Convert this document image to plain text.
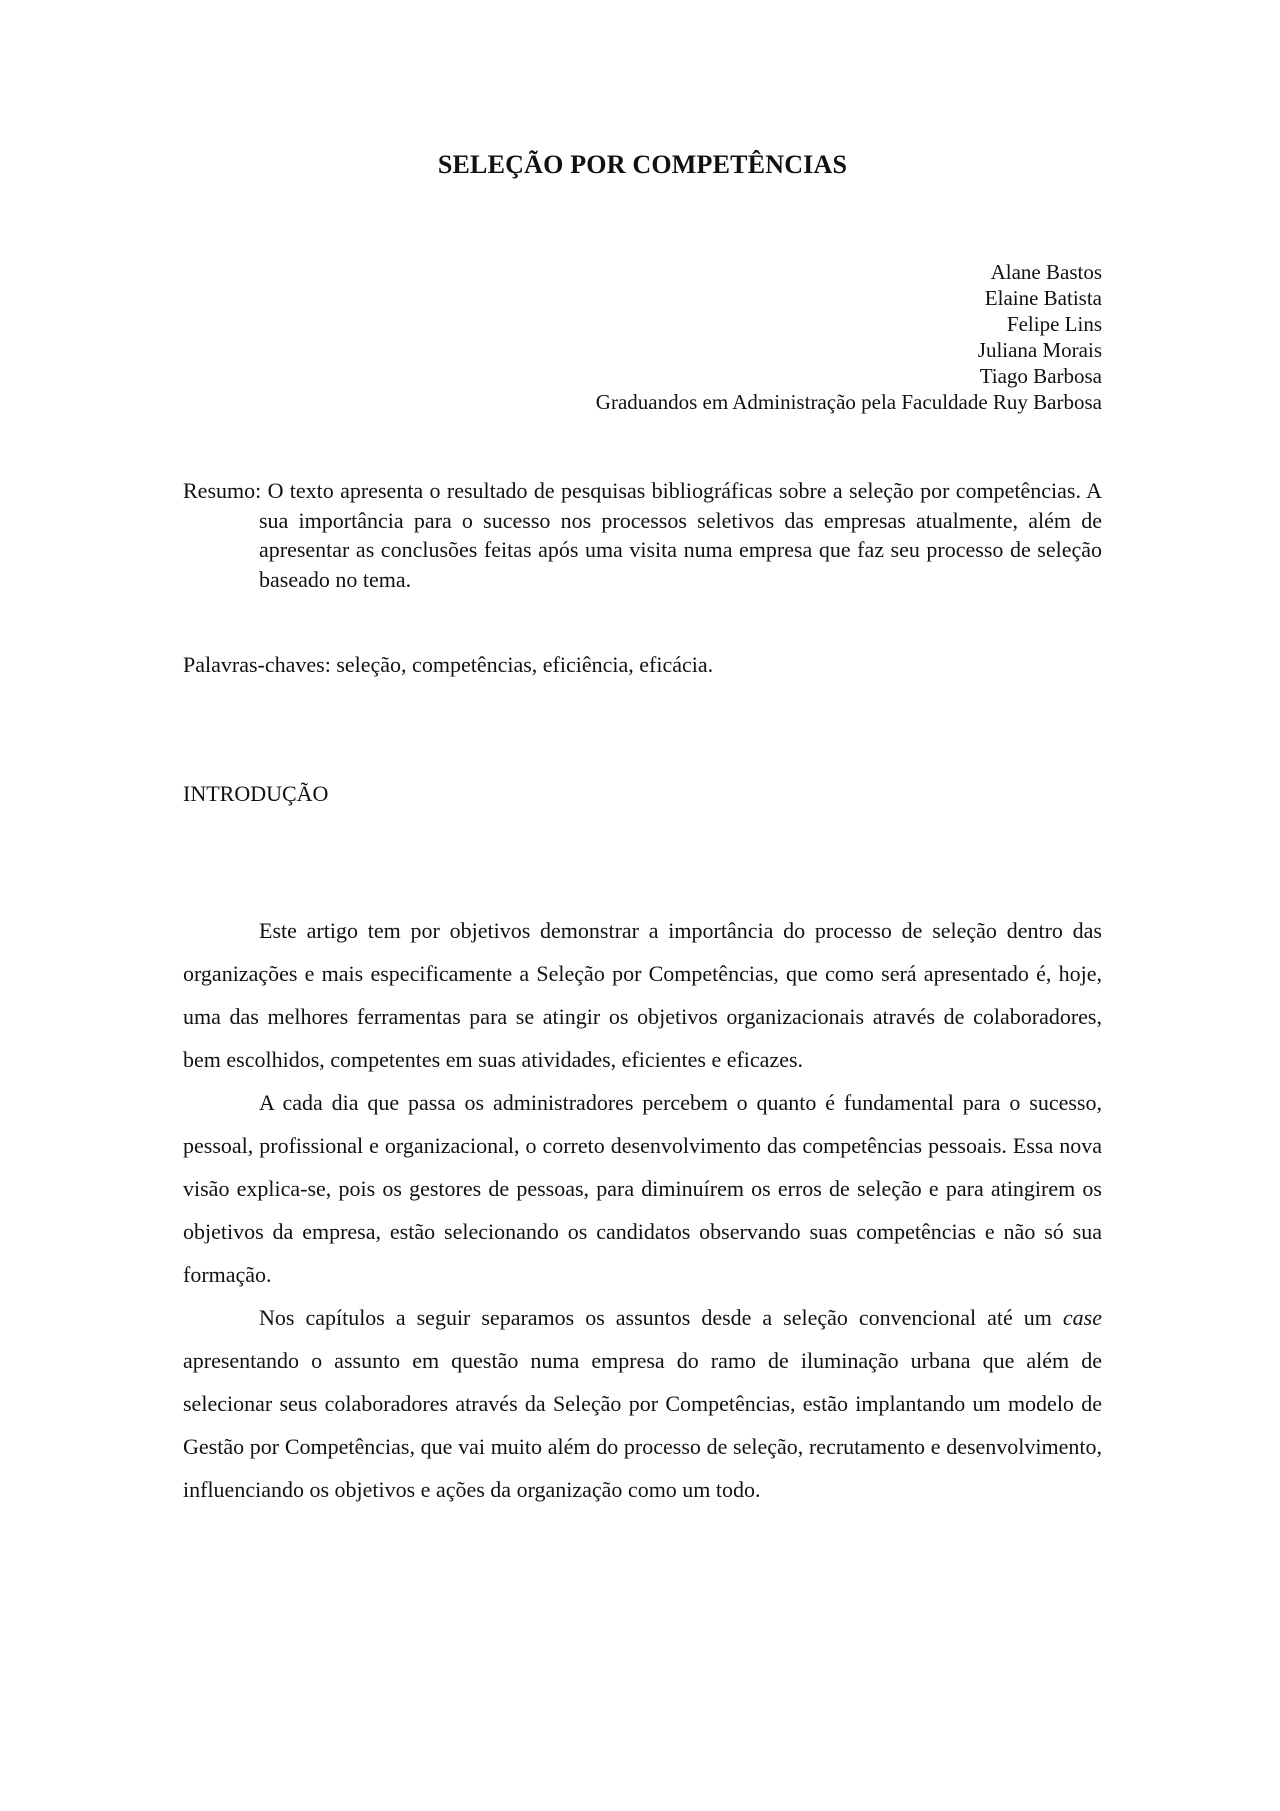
SELEÇÃO POR COMPETÊNCIAS
Alane Bastos
Elaine Batista
Felipe Lins
Juliana Morais
Tiago Barbosa
Graduandos em Administração pela Faculdade Ruy Barbosa
Resumo: O texto apresenta o resultado de pesquisas bibliográficas sobre a seleção por competências. A sua importância para o sucesso nos processos seletivos das empresas atualmente, além de apresentar as conclusões feitas após uma visita numa empresa que faz seu processo de seleção baseado no tema.
Palavras-chaves: seleção, competências, eficiência, eficácia.
INTRODUÇÃO

Este artigo tem por objetivos demonstrar a importância do processo de seleção dentro das organizações e mais especificamente a Seleção por Competências, que como será apresentado é, hoje, uma das melhores ferramentas para se atingir os objetivos organizacionais através de colaboradores, bem escolhidos, competentes em suas atividades, eficientes e eficazes.

A cada dia que passa os administradores percebem o quanto é fundamental para o sucesso, pessoal, profissional e organizacional, o correto desenvolvimento das competências pessoais. Essa nova visão explica-se, pois os gestores de pessoas, para diminuírem os erros de seleção e para atingirem os objetivos da empresa, estão selecionando os candidatos observando suas competências e não só sua formação.

Nos capítulos a seguir separamos os assuntos desde a seleção convencional até um case apresentando o assunto em questão numa empresa do ramo de iluminação urbana que além de selecionar seus colaboradores através da Seleção por Competências, estão implantando um modelo de Gestão por Competências, que vai muito além do processo de seleção, recrutamento e desenvolvimento, influenciando os objetivos e ações da organização como um todo.
